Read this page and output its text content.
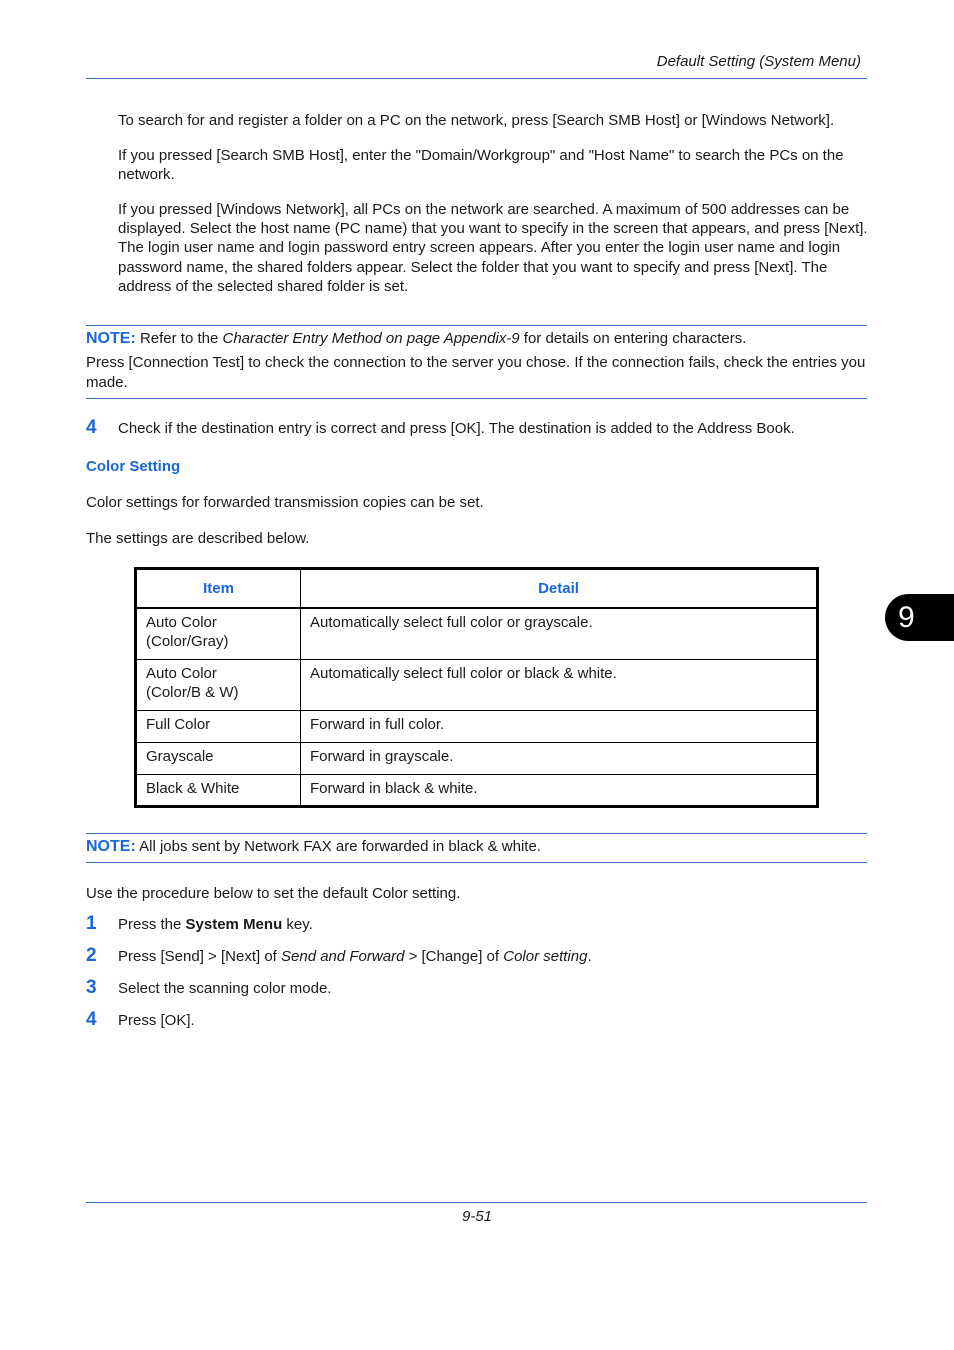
Default Setting (System Menu)
To search for and register a folder on a PC on the network, press [Search SMB Host] or [Windows Network].
If you pressed [Search SMB Host], enter the "Domain/Workgroup" and "Host Name" to search the PCs on the network.
If you pressed [Windows Network], all PCs on the network are searched. A maximum of 500 addresses can be displayed. Select the host name (PC name) that you want to specify in the screen that appears, and press [Next]. The login user name and login password entry screen appears. After you enter the login user name and login password name, the shared folders appear. Select the folder that you want to specify and press [Next]. The address of the selected shared folder is set.
NOTE: Refer to the Character Entry Method on page Appendix-9 for details on entering characters.
Press [Connection Test] to check the connection to the server you chose. If the connection fails, check the entries you made.
4 Check if the destination entry is correct and press [OK]. The destination is added to the Address Book.
Color Setting
Color settings for forwarded transmission copies can be set.
The settings are described below.
Item	Detail
Auto Color
(Color/Gray)	Automatically select full color or grayscale.
Auto Color
(Color/B & W)	Automatically select full color or black & white.
Full Color	Forward in full color.
Grayscale	Forward in grayscale.
Black & White	Forward in black & white.
9
NOTE: All jobs sent by Network FAX are forwarded in black & white.
Use the procedure below to set the default Color setting.
1 Press the System Menu key.
2 Press [Send] > [Next] of Send and Forward > [Change] of Color setting.
3 Select the scanning color mode.
4 Press [OK].
9-51
